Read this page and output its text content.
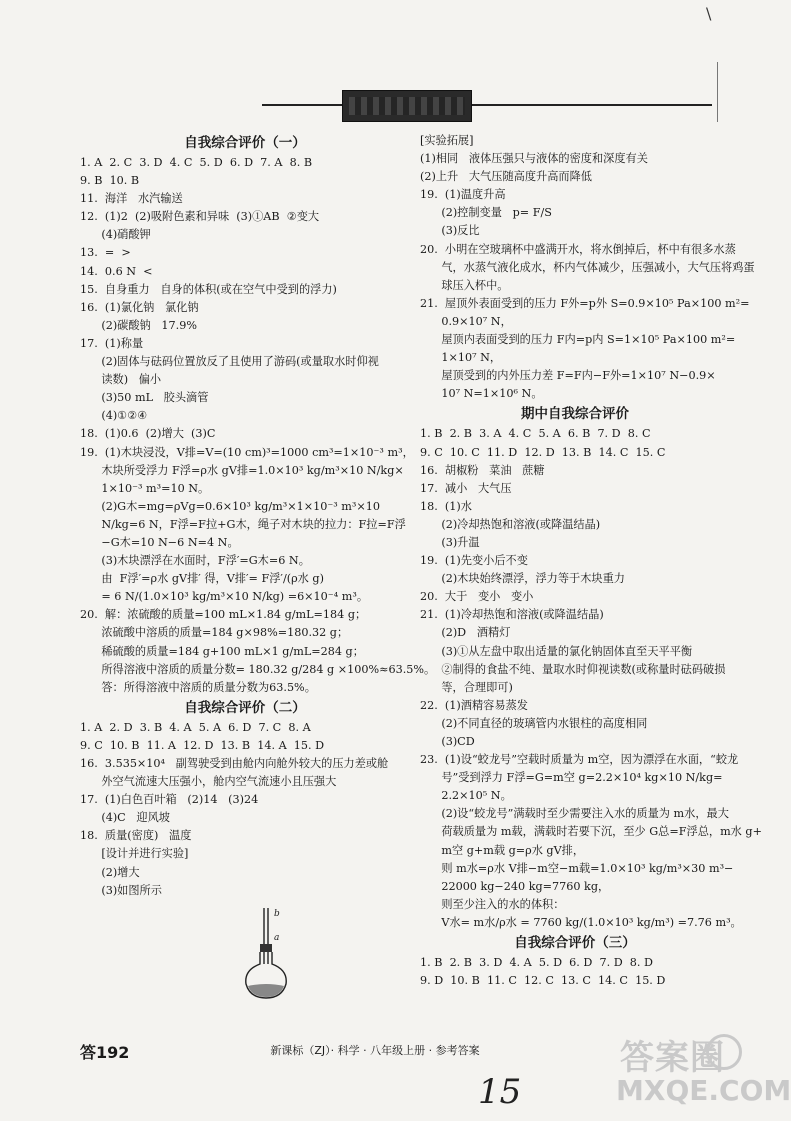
\
自我综合评价（一）
1. A  2. C  3. D  4. C  5. D  6. D  7. A  8. B
9. B  10. B
11.  海洋   水汽输送
12.  (1)2  (2)吸附色素和异味  (3)①AB  ②变大
(4)硝酸钾
13.  =  >
14.  0.6 N  <
15.  自身重力   自身的体积(或在空气中受到的浮力)
16.  (1)氯化钠   氯化钠
(2)碳酸钠   17.9%
17.  (1)称量
(2)固体与砝码位置放反了且使用了游码(或量取水时仰视
读数)   偏小
(3)50 mL   胶头滴管
(4)①②④
18.  (1)0.6  (2)增大  (3)C
19.  (1)木块浸没，V排=V=(10 cm)³=1000 cm³=1×10⁻³ m³，
木块所受浮力 F浮=ρ水 gV排=1.0×10³ kg/m³×10 N/kg×
1×10⁻³ m³=10 N。
(2)G木=mg=ρVg=0.6×10³ kg/m³×1×10⁻³ m³×10
N/kg=6 N，F浮=F拉+G木，绳子对木块的拉力：F拉=F浮
−G木=10 N−6 N=4 N。
(3)木块漂浮在水面时，F浮′=G木=6 N。
由  F浮′=ρ水 gV排′ 得，V排′= F浮′/(ρ水 g)
= 6 N/(1.0×10³ kg/m³×10 N/kg) =6×10⁻⁴ m³。
20.  解：浓硫酸的质量=100 mL×1.84 g/mL=184 g；
浓硫酸中溶质的质量=184 g×98%=180.32 g；
稀硫酸的质量=184 g+100 mL×1 g/mL=284 g；
所得溶液中溶质的质量分数= 180.32 g/284 g ×100%≈63.5%。
答：所得溶液中溶质的质量分数为63.5%。
自我综合评价（二）
1. A  2. D  3. B  4. A  5. A  6. D  7. C  8. A
9. C  10. B  11. A  12. D  13. B  14. A  15. D
16.  3.535×10⁴   副驾驶受到由舱内向舱外较大的压力差或舱
外空气流速大压强小，舱内空气流速小且压强大
17.  (1)白色百叶箱   (2)14   (3)24
(4)C   迎风坡
18.  质量(密度)   温度
[设计并进行实验]
(2)增大
(3)如图所示
b
a
[实验拓展]
(1)相同   液体压强只与液体的密度和深度有关
(2)上升   大气压随高度升高而降低
19.  (1)温度升高
(2)控制变量   p= F/S
(3)反比
20.  小明在空玻璃杯中盛满开水，将水倒掉后，杯中有很多水蒸
气，水蒸气液化成水，杯内气体减少，压强减小，大气压将鸡蛋
球压入杯中。
21.  屋顶外表面受到的压力 F外=p外 S=0.9×10⁵ Pa×100 m²=
0.9×10⁷ N，
屋顶内表面受到的压力 F内=p内 S=1×10⁵ Pa×100 m²=
1×10⁷ N，
屋顶受到的内外压力差 F=F内−F外=1×10⁷ N−0.9×
10⁷ N=1×10⁶ N。
期中自我综合评价
1. B  2. B  3. A  4. C  5. A  6. B  7. D  8. C
9. C  10. C  11. D  12. D  13. B  14. C  15. C
16.  胡椒粉   菜油   蔗糖
17.  减小   大气压
18.  (1)水
(2)冷却热饱和溶液(或降温结晶)
(3)升温
19.  (1)先变小后不变
(2)木块始终漂浮，浮力等于木块重力
20.  大于   变小   变小
21.  (1)冷却热饱和溶液(或降温结晶)
(2)D   酒精灯
(3)①从左盘中取出适量的氯化钠固体直至天平平衡
②制得的食盐不纯、量取水时仰视读数(或称量时砝码破损
等，合理即可)
22.  (1)酒精容易蒸发
(2)不同直径的玻璃管内水银柱的高度相同
(3)CD
23.  (1)设“蛟龙号”空载时质量为 m空，因为漂浮在水面，“蛟龙
号”受到浮力 F浮=G=m空 g=2.2×10⁴ kg×10 N/kg=
2.2×10⁵ N。
(2)设“蛟龙号”满载时至少需要注入水的质量为 m水，最大
荷载质量为 m载，满载时若要下沉，至少 G总=F浮总，m水 g+
m空 g+m载 g=ρ水 gV排，
则 m水=ρ水 V排−m空−m载=1.0×10³ kg/m³×30 m³−
22000 kg−240 kg=7760 kg，
则至少注入的水的体积：
V水= m水/ρ水 = 7760 kg/(1.0×10³ kg/m³) =7.76 m³。
自我综合评价（三）
1. B  2. B  3. D  4. A  5. D  6. D  7. D  8. D
9. D  10. B  11. C  12. C  13. C  14. C  15. D
答192	新课标（ZJ）· 科学 · 八年级上册 · 参考答案
15
答案圈
MXQE.COM
